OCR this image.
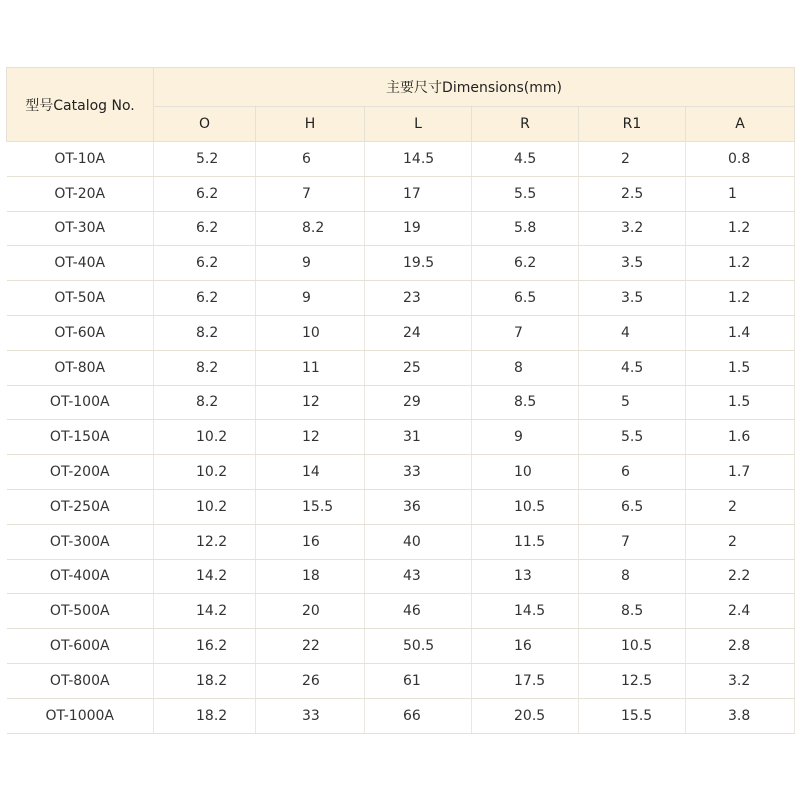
型号Catalog No.	主要尺寸Dimensions(mm)					
	O	H	L	R	R1	A
OT-10A	5.2	6	14.5	4.5	2	0.8
OT-20A	6.2	7	17	5.5	2.5	1
OT-30A	6.2	8.2	19	5.8	3.2	1.2
OT-40A	6.2	9	19.5	6.2	3.5	1.2
OT-50A	6.2	9	23	6.5	3.5	1.2
OT-60A	8.2	10	24	7	4	1.4
OT-80A	8.2	11	25	8	4.5	1.5
OT-100A	8.2	12	29	8.5	5	1.5
OT-150A	10.2	12	31	9	5.5	1.6
OT-200A	10.2	14	33	10	6	1.7
OT-250A	10.2	15.5	36	10.5	6.5	2
OT-300A	12.2	16	40	11.5	7	2
OT-400A	14.2	18	43	13	8	2.2
OT-500A	14.2	20	46	14.5	8.5	2.4
OT-600A	16.2	22	50.5	16	10.5	2.8
OT-800A	18.2	26	61	17.5	12.5	3.2
OT-1000A	18.2	33	66	20.5	15.5	3.8
